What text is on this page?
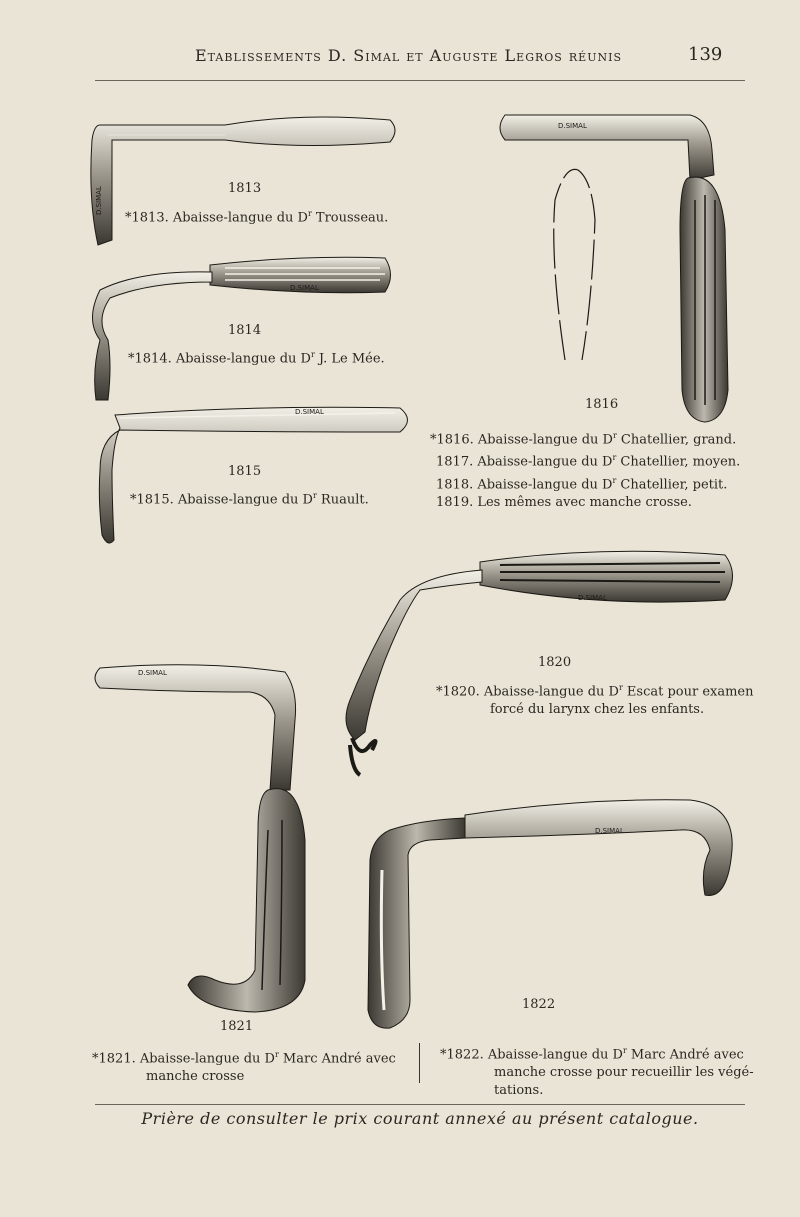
Etablissements D. Simal et Auguste Legros réunis	139
D.SIMAL
D.SIMAL
D.SIMAL
D.SIMAL
D.SIMAL
D.SIMAL
D.SIMAL
1813
*1813. Abaisse-langue du $D^r$ Trousseau.
1814
*1814. Abaisse-langue du $D^r$ J. Le Mée.
1815
*1815. Abaisse-langue du $D^r$ Ruault.
1816
*1816. Abaisse-langue du $D^r$ Chatellier, grand.
1817. Abaisse-langue du $D^r$ Chatellier, moyen.
1818. Abaisse-langue du $D^r$ Chatellier, petit.
1819. Les mêmes avec manche crosse.
1820
*1820. Abaisse-langue du $D^r$ Escat pour examen
forcé du larynx chez les enfants.
1821
*1821. Abaisse-langue du $D^r$ Marc André avec
manche crosse
1822
*1822. Abaisse-langue du $D^r$ Marc André avec
manche crosse pour recueillir les végé-
tations.
Prière de consulter le prix courant annexé au présent catalogue.
